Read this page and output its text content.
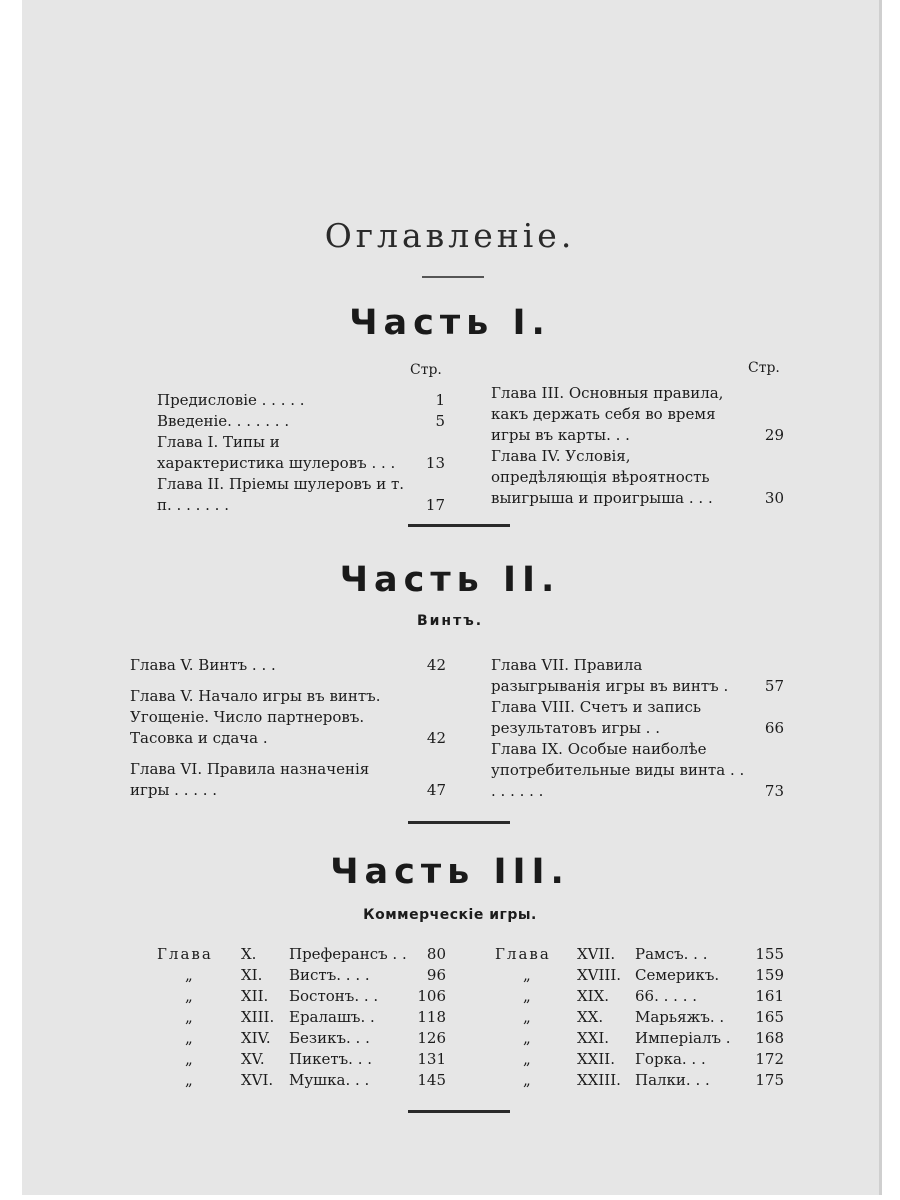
Оглавленіе.
Часть I.
Стр.	Стр.
Предисловіе . . . . .	1
Введеніе. . . . . . .	5
Глава I. Типы и характеристика шулеровъ . . .	13
Глава II. Пріемы шулеровъ и т. п. . . . . . .	17
Глава III. Основныя правила, какъ держать себя во время игры въ карты. . .	29
Глава IV. Условія, опредѣляющія вѣроятность выигрыша и проигрыша . . .	30
Часть II.
Винтъ.
Глава V. Винтъ . . .	42
Глава V. Начало игры въ винтъ. Угощеніе. Число партнеровъ. Тасовка и сдача .	42
Глава VI. Правила назначенія игры . . . . .	47
Глава VII. Правила разыгрыванія игры въ винтъ .	57
Глава VIII. Счетъ и запись результатовъ игры . .	66
Глава IX. Особые наиболѣе употребительные виды винта . . . . . . . .	73
Часть III.
Коммерческіе игры.
Глава X. Преферансъ . . 80
„	XI. Вистъ. . . .	96
„	XII. Бостонъ. . .	106
„	XIII. Ералашъ. .	118
„	XIV. Безикъ. . .	126
„	XV. Пикетъ. . .	131
„	XVI. Мушка. . .	145
Глава XVII. Рамсъ. . .	155
„	XVIII. Семерикъ. 159
„	XIX. 66. . . . .	161
„	XX. Марьяжъ. . 165
„	XXI. Имперіалъ . 168
„	XXII. Горка. . .	172
„	XXIII. Палки. . .	175
